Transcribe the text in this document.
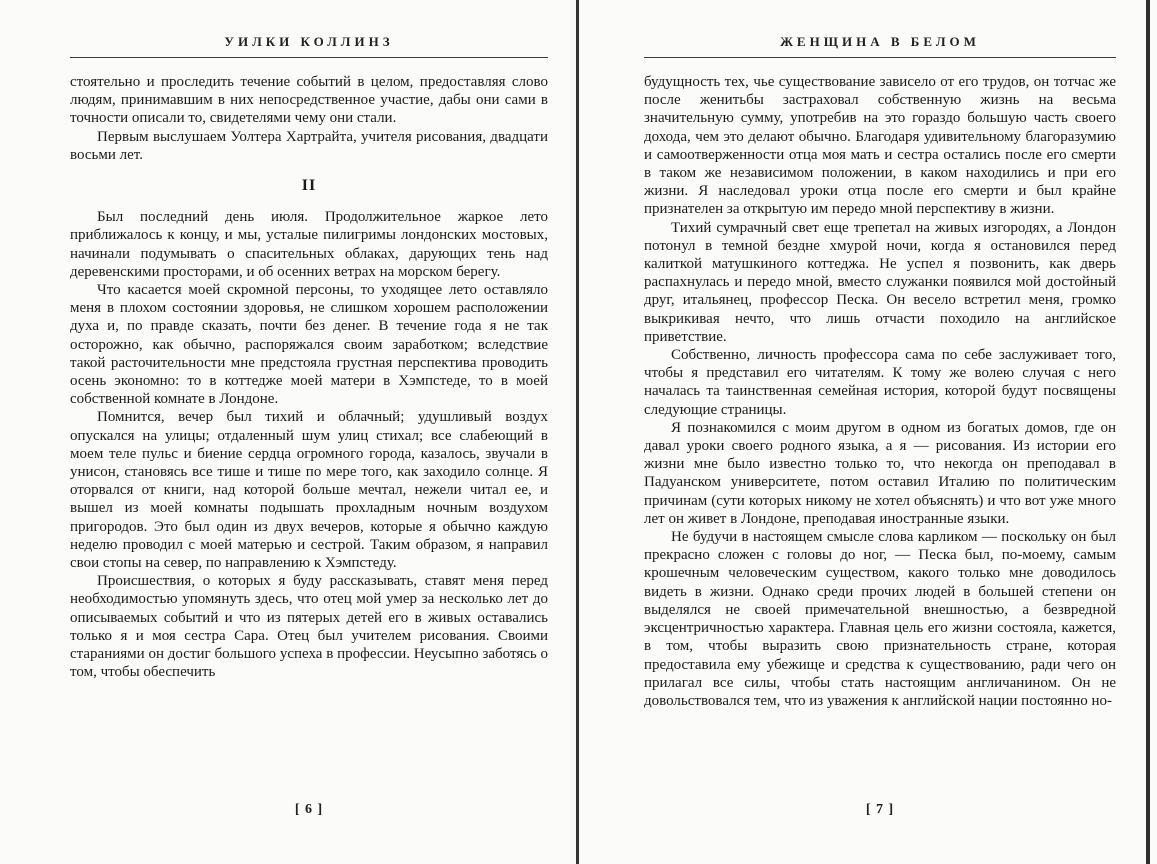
УИЛКИ КОЛЛИНЗ

стоятельно и проследить течение событий в целом, предоставляя слово людям, принимавшим в них непосредственное участие, дабы они сами в точности описали то, свидетелями чему они стали.

Первым выслушаем Уолтера Хартрайта, учителя рисования, двадцати восьми лет.

II

Был последний день июля. Продолжительное жаркое лето приближалось к концу, и мы, усталые пилигримы лондонских мостовых, начинали подумывать о спасительных облаках, дарующих тень над деревенскими просторами, и об осенних ветрах на морском берегу.

Что касается моей скромной персоны, то уходящее лето оставляло меня в плохом состоянии здоровья, не слишком хорошем расположении духа и, по правде сказать, почти без денег. В течение года я не так осторожно, как обычно, распоряжался своим заработком; вследствие такой расточительности мне предстояла грустная перспектива проводить осень экономно: то в коттедже моей матери в Хэмпстеде, то в моей собственной комнате в Лондоне.

Помнится, вечер был тихий и облачный; удушливый воздух опускался на улицы; отдаленный шум улиц стихал; все слабеющий в моем теле пульс и биение сердца огромного города, казалось, звучали в унисон, становясь все тише и тише по мере того, как заходило солнце. Я оторвался от книги, над которой больше мечтал, нежели читал ее, и вышел из моей комнаты подышать прохладным ночным воздухом пригородов. Это был один из двух вечеров, которые я обычно каждую неделю проводил с моей матерью и сестрой. Таким образом, я направил свои стопы на север, по направлению к Хэмпстеду.

Происшествия, о которых я буду рассказывать, ставят меня перед необходимостью упомянуть здесь, что отец мой умер за несколько лет до описываемых событий и что из пятерых детей его в живых оставались только я и моя сестра Сара. Отец был учителем рисования. Своими стараниями он достиг большого успеха в профессии. Неусыпно заботясь о том, чтобы обеспечить

[ 6 ]
ЖЕНЩИНА В БЕЛОМ

будущность тех, чье существование зависело от его трудов, он тотчас же после женитьбы застраховал собственную жизнь на весьма значительную сумму, употребив на это гораздо большую часть своего дохода, чем это делают обычно. Благодаря удивительному благоразумию и самоотверженности отца моя мать и сестра остались после его смерти в таком же независимом положении, в каком находились и при его жизни. Я наследовал уроки отца после его смерти и был крайне признателен за открытую им передо мной перспективу в жизни.

Тихий сумрачный свет еще трепетал на живых изгородях, а Лондон потонул в темной бездне хмурой ночи, когда я остановился перед калиткой матушкиного коттеджа. Не успел я позвонить, как дверь распахнулась и передо мной, вместо служанки появился мой достойный друг, итальянец, профессор Песка. Он весело встретил меня, громко выкрикивая нечто, что лишь отчасти походило на английское приветствие.

Собственно, личность профессора сама по себе заслуживает того, чтобы я представил его читателям. К тому же волею случая с него началась та таинственная семейная история, которой будут посвящены следующие страницы.

Я познакомился с моим другом в одном из богатых домов, где он давал уроки своего родного языка, а я — рисования. Из истории его жизни мне было известно только то, что некогда он преподавал в Падуанском университете, потом оставил Италию по политическим причинам (сути которых никому не хотел объяснять) и что вот уже много лет он живет в Лондоне, преподавая иностранные языки.

Не будучи в настоящем смысле слова карликом — поскольку он был прекрасно сложен с головы до ног, — Песка был, по-моему, самым крошечным человеческим существом, какого только мне доводилось видеть в жизни. Однако среди прочих людей в большей степени он выделялся не своей примечательной внешностью, а безвредной эксцентричностью характера. Главная цель его жизни состояла, кажется, в том, чтобы выразить свою признательность стране, которая предоставила ему убежище и средства к существованию, ради чего он прилагал все силы, чтобы стать настоящим англичанином. Он не довольствовался тем, что из уважения к английской нации постоянно но-

[ 7 ]
